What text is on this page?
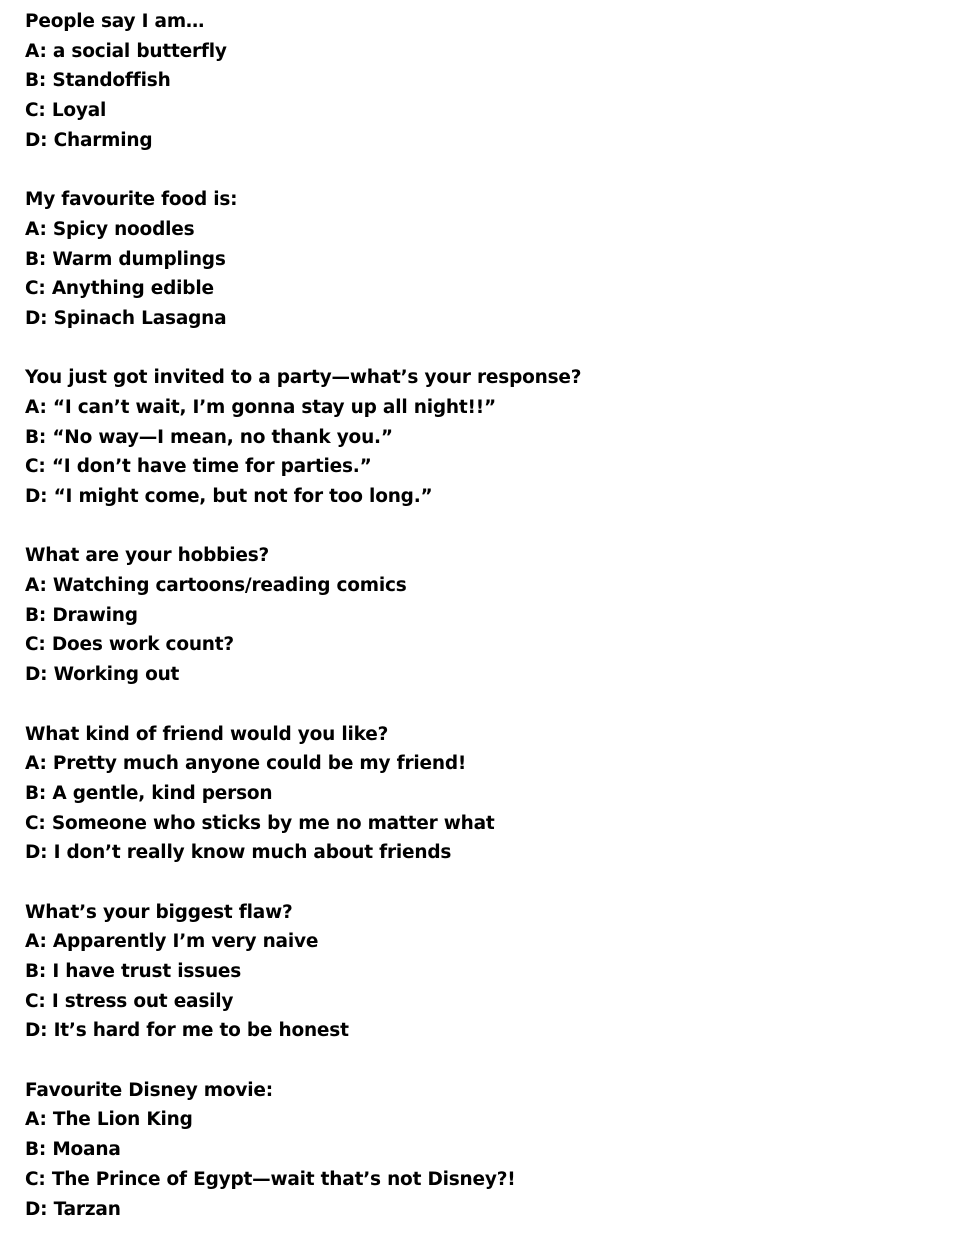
People say I am…
A: a social butterfly
B: Standoffish
C: Loyal
D: Charming
My favourite food is:
A: Spicy noodles
B: Warm dumplings
C: Anything edible
D: Spinach Lasagna
You just got invited to a party—what’s your response?
A: “I can’t wait, I’m gonna stay up all night!!”
B: “No way—I mean, no thank you.”
C: “I don’t have time for parties.”
D: “I might come, but not for too long.”
What are your hobbies?
A: Watching cartoons/reading comics
B: Drawing
C: Does work count?
D: Working out
What kind of friend would you like?
A: Pretty much anyone could be my friend!
B: A gentle, kind person
C: Someone who sticks by me no matter what
D: I don’t really know much about friends
What’s your biggest flaw?
A: Apparently I’m very naive
B: I have trust issues
C: I stress out easily
D: It’s hard for me to be honest
Favourite Disney movie:
A: The Lion King
B: Moana
C: The Prince of Egypt—wait that’s not Disney?!
D: Tarzan
